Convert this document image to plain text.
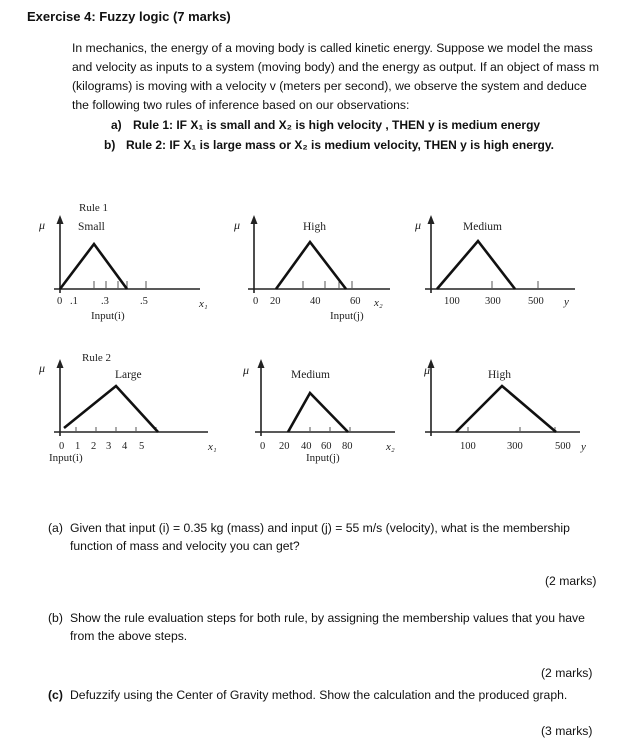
Exercise 4: Fuzzy logic (7 marks)
In mechanics, the energy of a moving body is called kinetic energy. Suppose we model the mass and velocity as inputs to a system (moving body) and the energy as output. If an object of mass m (kilograms) is moving with a velocity v (meters per second), we observe the system and deduce the following two rules of inference based on our observations:
a) Rule 1: IF X₁ is small and X₂ is high velocity , THEN y is medium energy
b) Rule 2: IF X₁ is large mass or X₂ is medium velocity, THEN y is high energy.
Rule 1
μ	Small
0 .1 .3	.5	x₁
Input(i)
μ	High
0 20	40	60 x₂
Input(j)
μ	Medium
100 300	500 y
Rule 2
μ	Large
0 1 2 3 4 5	x₁
Input(i)
μ	Medium
0 20 40 60 80	x₂
Input(j)
μ	High
100	300	500 y
(a) Given that input (i) = 0.35 kg (mass) and input (j) = 55 m/s (velocity), what is the membership function of mass and velocity you can get?
(2 marks)
(b) Show the rule evaluation steps for both rule, by assigning the membership values that you have from the above steps.
(2 marks)
(c) Defuzzify using the Center of Gravity method. Show the calculation and the produced graph.
(3 marks)
